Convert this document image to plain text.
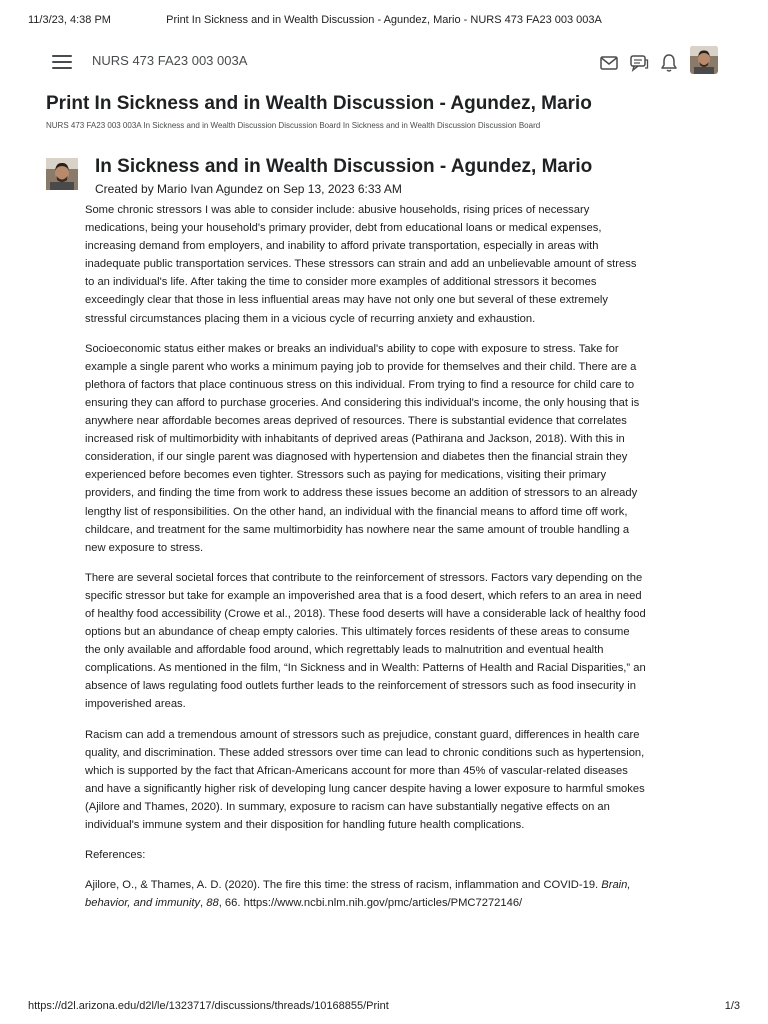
11/3/23, 4:38 PM	Print In Sickness and in Wealth Discussion - Agundez, Mario - NURS 473 FA23 003 003A
NURS 473 FA23 003 003A
Print In Sickness and in Wealth Discussion - Agundez, Mario
NURS 473 FA23 003 003A In Sickness and in Wealth Discussion Discussion Board In Sickness and in Wealth Discussion Discussion Board
In Sickness and in Wealth Discussion - Agundez, Mario
Created by Mario Ivan Agundez on Sep 13, 2023 6:33 AM

Some chronic stressors I was able to consider include: abusive households, rising prices of necessary medications, being your household's primary provider, debt from educational loans or medical expenses, increasing demand from employers, and inability to afford private transportation, especially in areas with inadequate public transportation services. These stressors can strain and add an unbelievable amount of stress to an individual's life. After taking the time to consider more examples of additional stressors it becomes exceedingly clear that those in less influential areas may have not only one but several of these extremely stressful circumstances placing them in a vicious cycle of recurring anxiety and exhaustion.

Socioeconomic status either makes or breaks an individual's ability to cope with exposure to stress. Take for example a single parent who works a minimum paying job to provide for themselves and their child. There are a plethora of factors that place continuous stress on this individual. From trying to find a resource for child care to ensuring they can afford to purchase groceries. And considering this individual's income, the only housing that is anywhere near affordable becomes areas deprived of resources. There is substantial evidence that correlates increased risk of multimorbidity with inhabitants of deprived areas (Pathirana and Jackson, 2018). With this in consideration, if our single parent was diagnosed with hypertension and diabetes then the financial strain they experienced before becomes even tighter. Stressors such as paying for medications, visiting their primary providers, and finding the time from work to address these issues become an addition of stressors to an already lengthy list of responsibilities. On the other hand, an individual with the financial means to afford time off work, childcare, and treatment for the same multimorbidity has nowhere near the same amount of trouble handling a new exposure to stress.

There are several societal forces that contribute to the reinforcement of stressors. Factors vary depending on the specific stressor but take for example an impoverished area that is a food desert, which refers to an area in need of healthy food accessibility (Crowe et al., 2018). These food deserts will have a considerable lack of healthy food options but an abundance of cheap empty calories. This ultimately forces residents of these areas to consume the only available and affordable food around, which regrettably leads to malnutrition and eventual health complications. As mentioned in the film, “In Sickness and in Wealth: Patterns of Health and Racial Disparities,” an absence of laws regulating food outlets further leads to the reinforcement of stressors such as food insecurity in impoverished areas.

Racism can add a tremendous amount of stressors such as prejudice, constant guard, differences in health care quality, and discrimination. These added stressors over time can lead to chronic conditions such as hypertension, which is supported by the fact that African-Americans account for more than 45% of vascular-related diseases and have a significantly higher risk of developing lung cancer despite having a lower exposure to harmful smokes (Ajilore and Thames, 2020). In summary, exposure to racism can have substantially negative effects on an individual's immune system and their disposition for handling future health complications.

References:

Ajilore, O., & Thames, A. D. (2020). The fire this time: the stress of racism, inflammation and COVID-19. Brain, behavior, and immunity, 88, 66. https://www.ncbi.nlm.nih.gov/pmc/articles/PMC7272146/

https://d2l.arizona.edu/d2l/le/1323717/discussions/threads/10168855/Print	1/3
